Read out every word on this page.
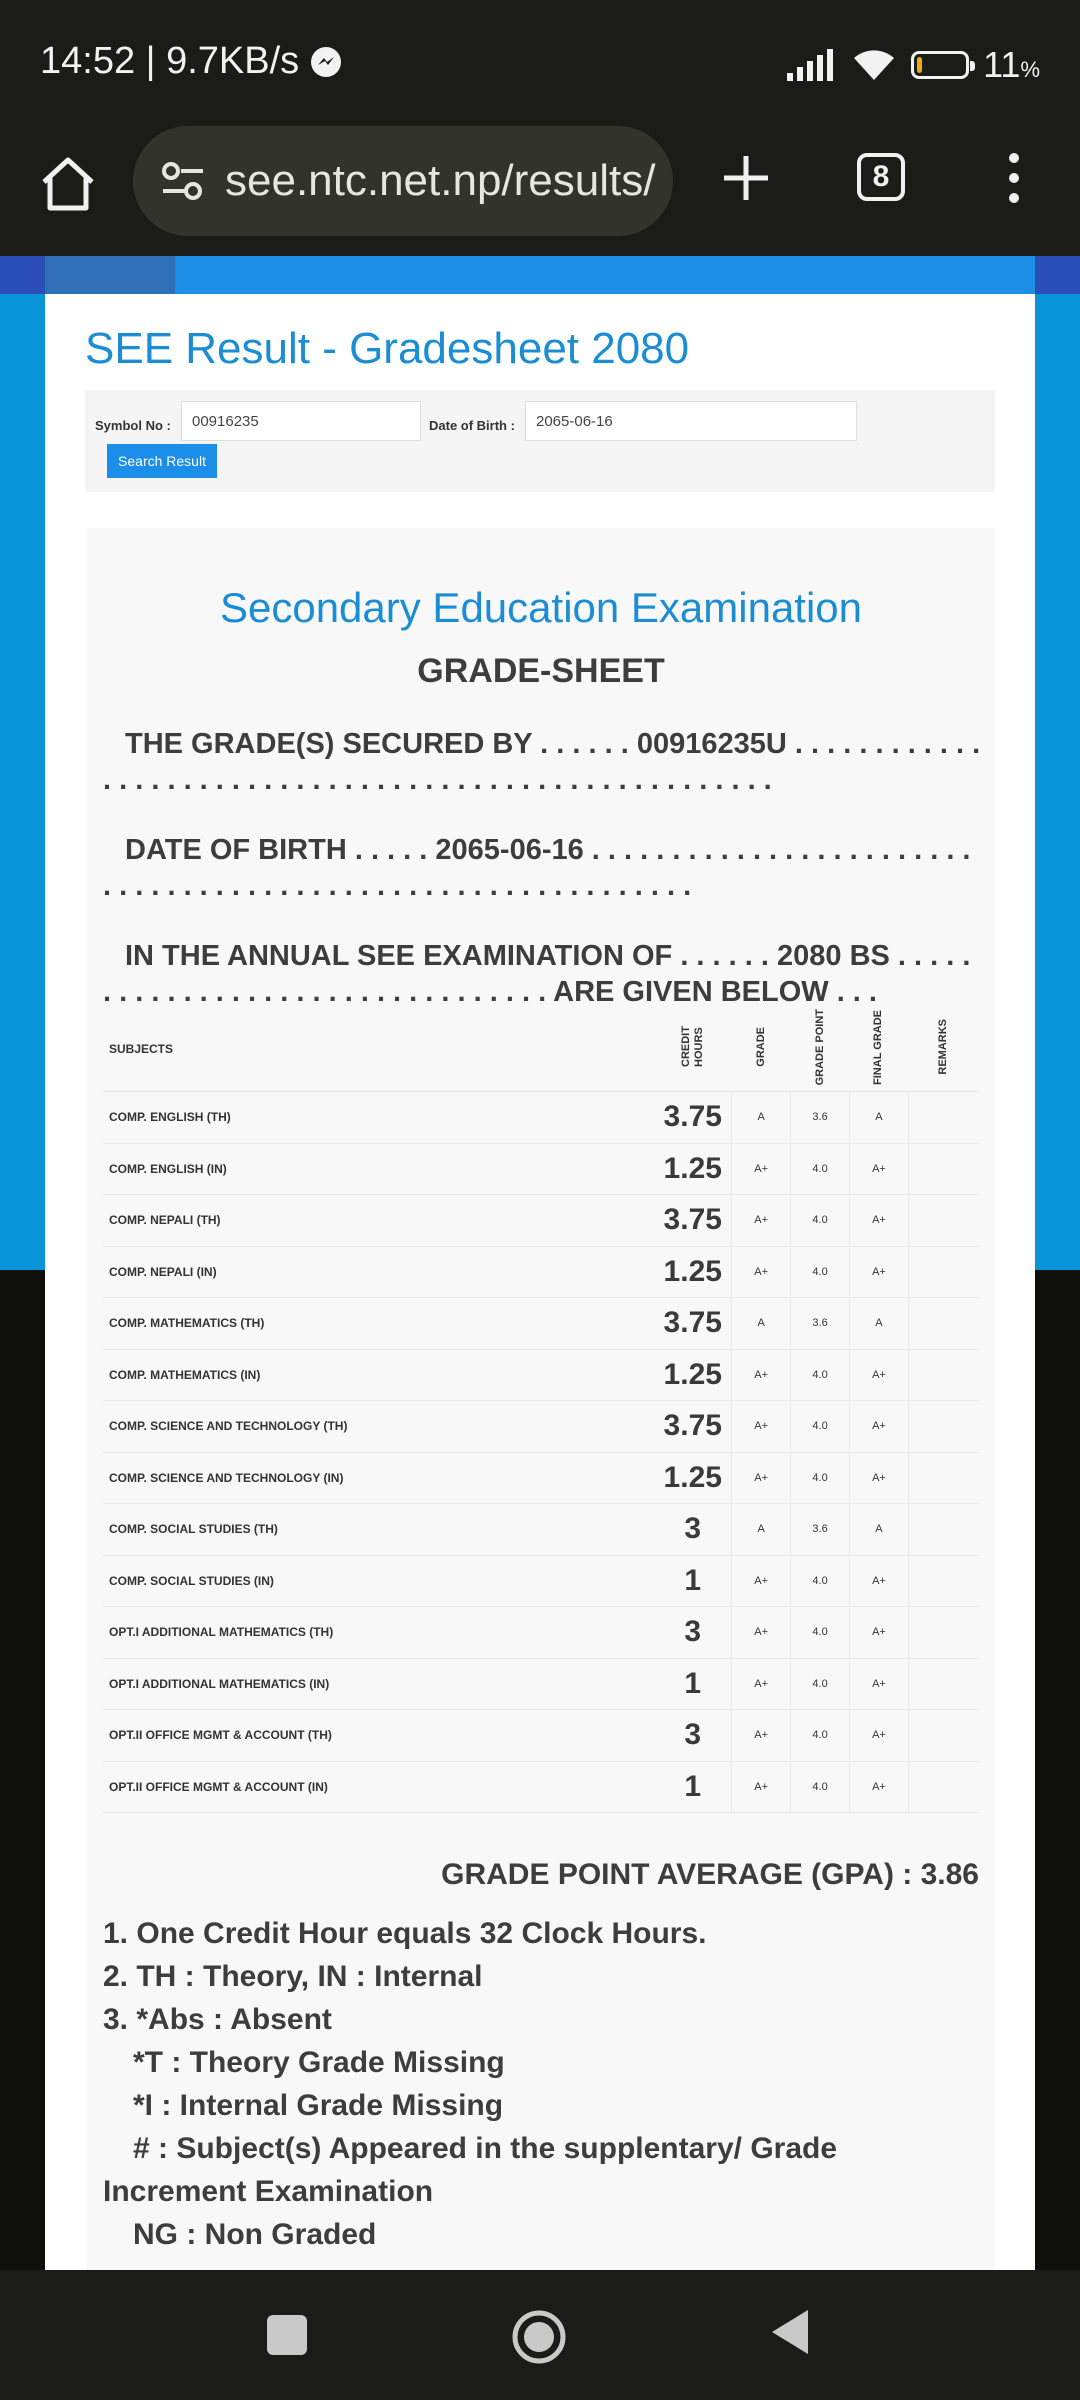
14:52 | 9.7KB/s	11%
see.ntc.net.np/results/	8
SEE Result - Gradesheet 2080
Symbol No :
00916235	Date of Birth :
2065-06-16
Search Result
Secondary Education Examination
GRADE-SHEET
THE GRADE(S) SECURED BY . . . . . . 00916235U . . . . . . . . . . . . . . . . . . . . . . . . . . . . . . . . . . . . . . . . . . . . . . . . . . . . . .
DATE OF BIRTH . . . . . 2065-06-16 . . . . . . . . . . . . . . . . . . . . . . . . . . . . . . . . . . . . . . . . . . . . . . . . . . . . . . . . . . . . .
IN THE ANNUAL SEE EXAMINATION OF . . . . . . 2080 BS . . . . . . . . . . . . . . . . . . . . . . . . . . . . . . . . . ARE GIVEN BELOW . . .
SUBJECTS	CREDIT HOURS	GRADE	GRADE POINT	FINAL GRADE	REMARKS
COMP. ENGLISH (TH)	3.75	A	3.6	A	
COMP. ENGLISH (IN)	1.25	A+	4.0	A+	
COMP. NEPALI (TH)	3.75	A+	4.0	A+	
COMP. NEPALI (IN)	1.25	A+	4.0	A+	
COMP. MATHEMATICS (TH)	3.75	A	3.6	A	
COMP. MATHEMATICS (IN)	1.25	A+	4.0	A+	
COMP. SCIENCE AND TECHNOLOGY (TH)	3.75	A+	4.0	A+	
COMP. SCIENCE AND TECHNOLOGY (IN)	1.25	A+	4.0	A+	
COMP. SOCIAL STUDIES (TH)	3	A	3.6	A	
COMP. SOCIAL STUDIES (IN)	1	A+	4.0	A+	
OPT.I ADDITIONAL MATHEMATICS (TH)	3	A+	4.0	A+	
OPT.I ADDITIONAL MATHEMATICS (IN)	1	A+	4.0	A+	
OPT.II OFFICE MGMT & ACCOUNT (TH)	3	A+	4.0	A+	
OPT.II OFFICE MGMT & ACCOUNT (IN)	1	A+	4.0	A+	
GRADE POINT AVERAGE (GPA) : 3.86
1. One Credit Hour equals 32 Clock Hours.
2. TH : Theory, IN : Internal
3. *Abs : Absent
*T : Theory Grade Missing
*I : Internal Grade Missing
# : Subject(s) Appeared in the supplentary/ Grade Increment Examination
NG : Non Graded
